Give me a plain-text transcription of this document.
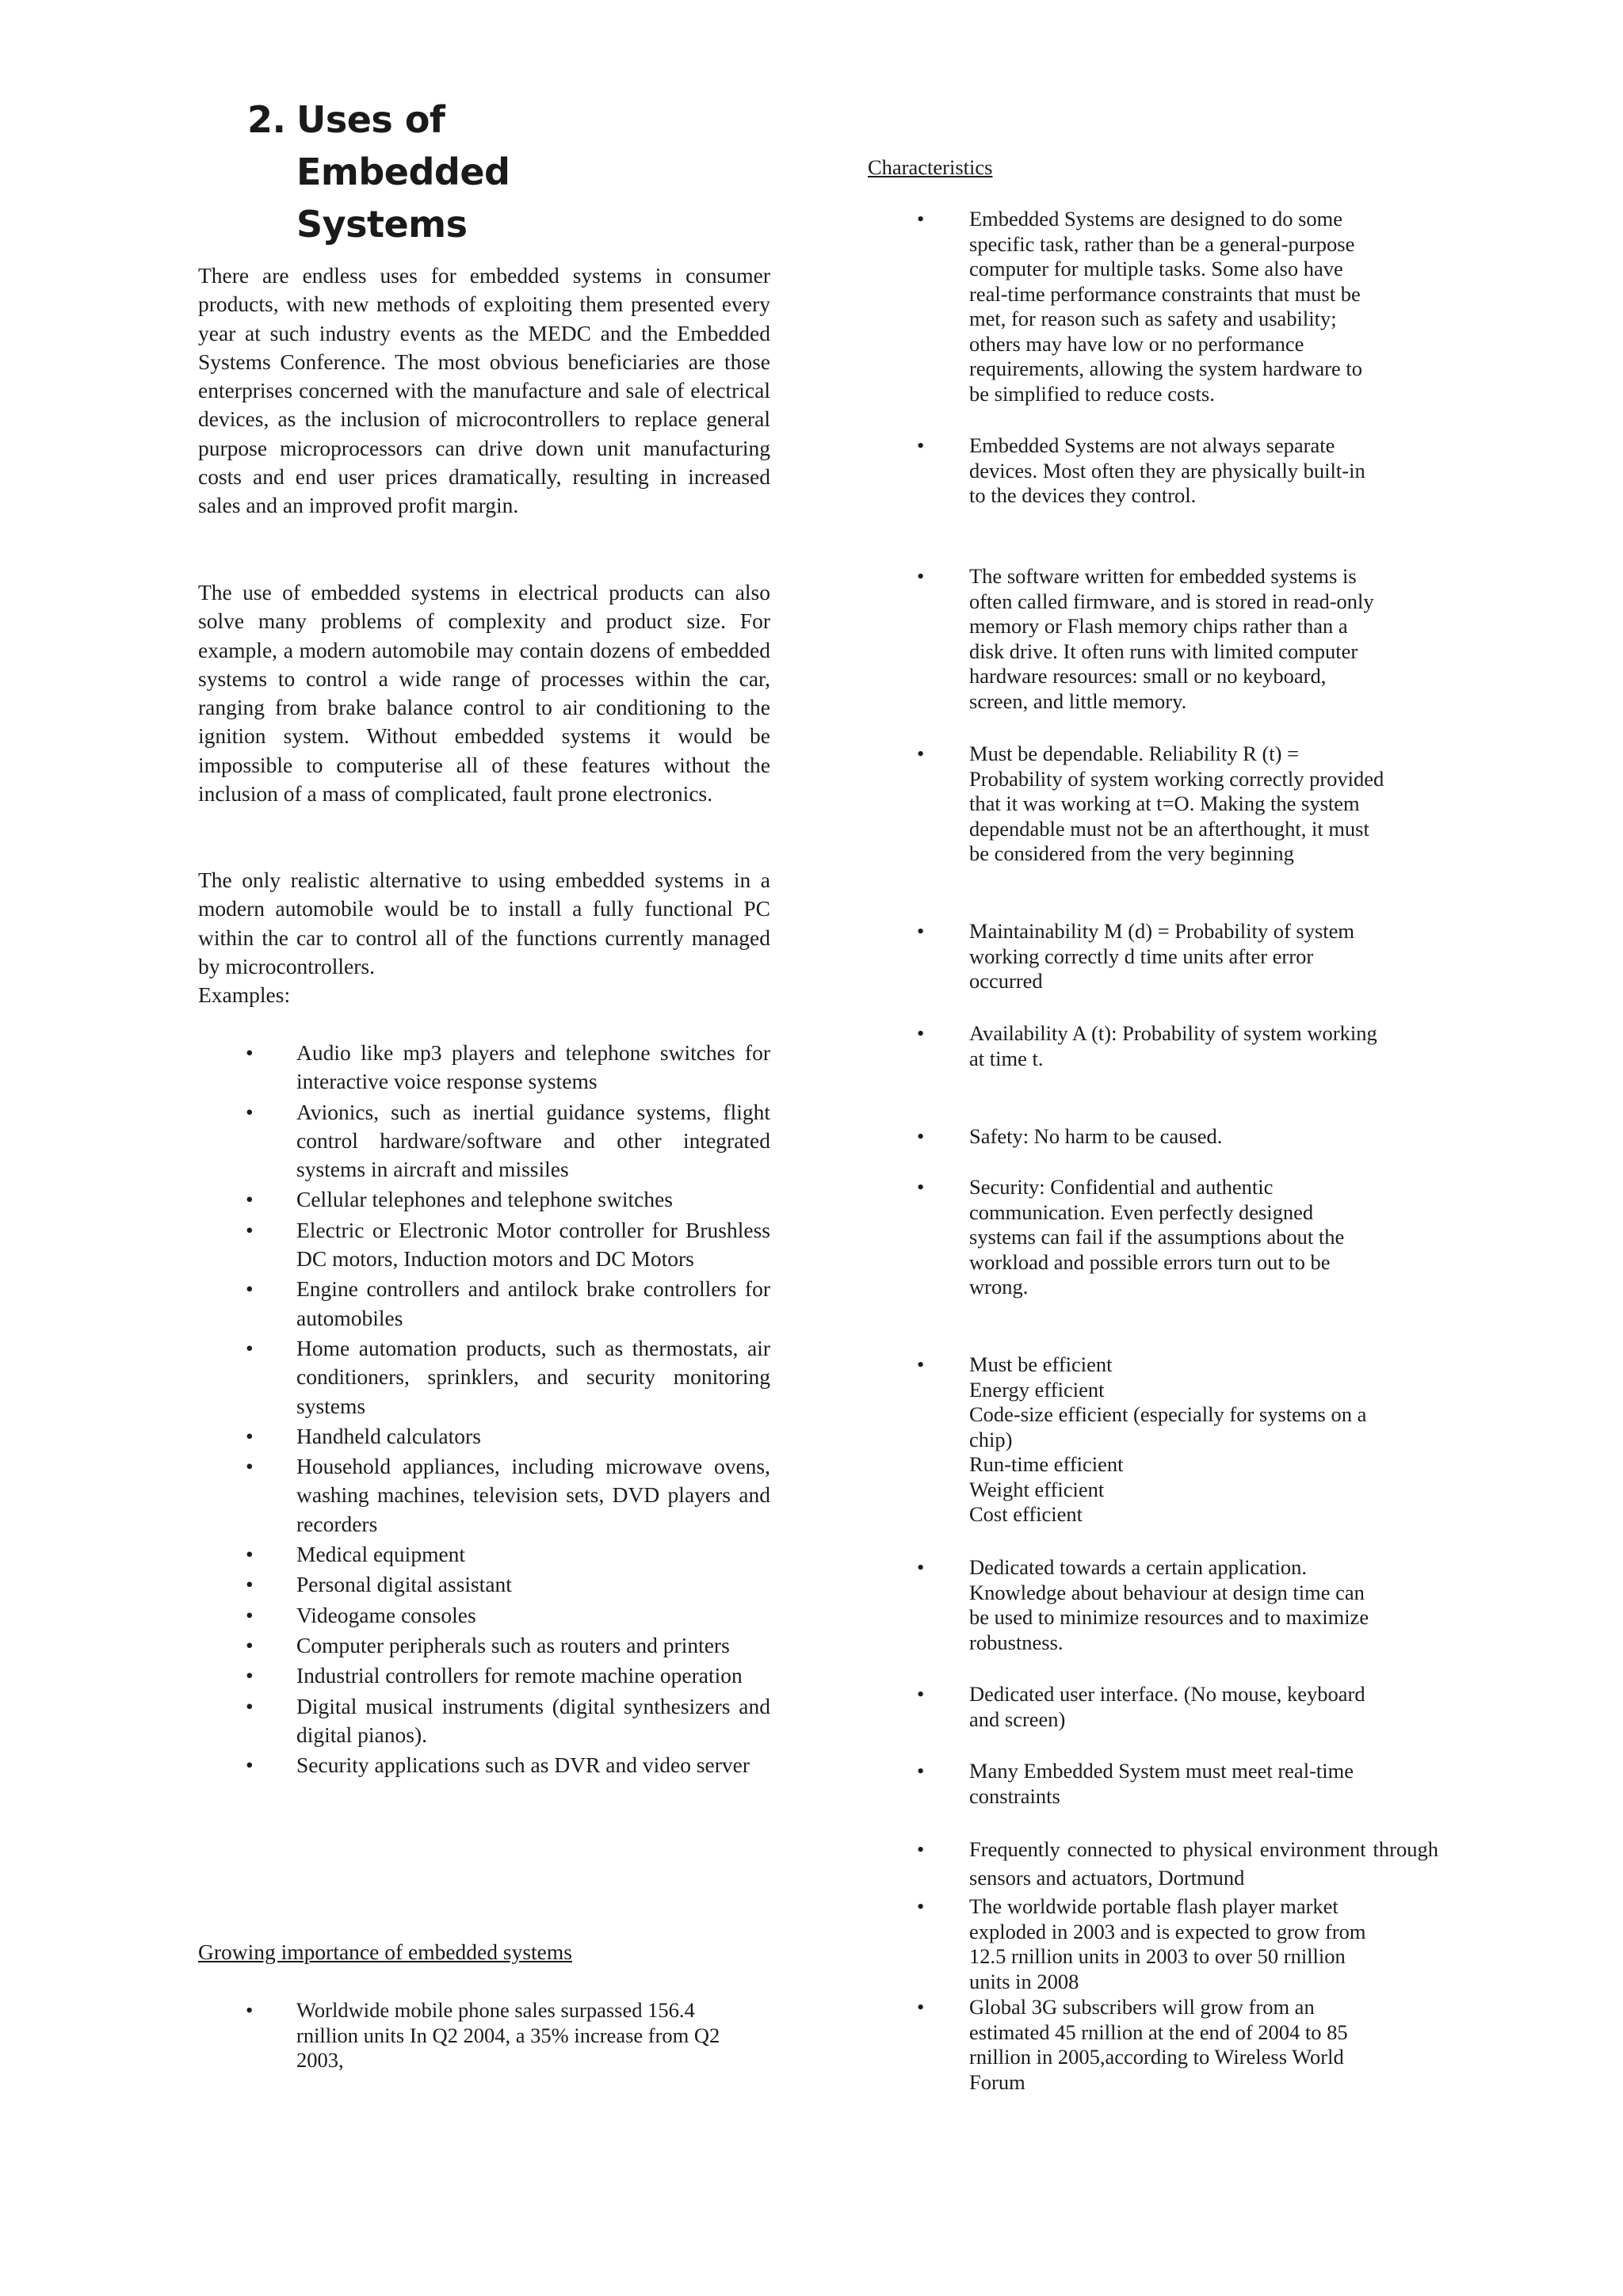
2. Uses of Embedded Systems

There are endless uses for embedded systems in consumer products, with new methods of exploiting them presented every year at such industry events as the MEDC and the Embedded Systems Conference. The most obvious beneficiaries are those enterprises concerned with the manufacture and sale of electrical devices, as the inclusion of microcontrollers to replace general purpose microprocessors can drive down unit manufacturing costs and end user prices dramatically, resulting in increased sales and an improved profit margin.

The use of embedded systems in electrical products can also solve many problems of complexity and product size. For example, a modern automobile may contain dozens of embedded systems to control a wide range of processes within the car, ranging from brake balance control to air conditioning to the ignition system. Without embedded systems it would be impossible to computerise all of these features without the inclusion of a mass of complicated, fault prone electronics.

The only realistic alternative to using embedded systems in a modern automobile would be to install a fully functional PC within the car to control all of the functions currently managed by microcontrollers.

Examples:

• Audio like mp3 players and telephone switches for interactive voice response systems
• Avionics, such as inertial guidance systems, flight control hardware/software and other integrated systems in aircraft and missiles
• Cellular telephones and telephone switches
• Electric or Electronic Motor controller for Brushless DC motors, Induction motors and DC Motors
• Engine controllers and antilock brake controllers for automobiles
• Home automation products, such as thermostats, air conditioners, sprinklers, and security monitoring systems
• Handheld calculators
• Household appliances, including microwave ovens, washing machines, television sets, DVD players and recorders
• Medical equipment
• Personal digital assistant
• Videogame consoles
• Computer peripherals such as routers and printers
• Industrial controllers for remote machine operation
• Digital musical instruments (digital synthesizers and digital pianos).
• Security applications such as DVR and video server

Growing importance of embedded systems

• Worldwide mobile phone sales surpassed 156.4 rnillion units In Q2 2004, a 35% increase from Q2 2003,

Characteristics

• Embedded Systems are designed to do some
specific task, rather than be a general-purpose
computer for multiple tasks. Some also have
real-time performance constraints that must be
met, for reason such as safety and usability;
others may have low or no performance
requirements, allowing the system hardware to
be simplified to reduce costs.
• Embedded Systems are not always separate
devices. Most often they are physically built-in
to the devices they control.
• The software written for embedded systems is
often called firmware, and is stored in read-only
memory or Flash memory chips rather than a
disk drive. It often runs with limited computer
hardware resources: small or no keyboard,
screen, and little memory.
• Must be dependable. Reliability R (t) =
Probability of system working correctly provided
that it was working at t=O. Making the system
dependable must not be an afterthought, it must
be considered from the very beginning
• Maintainability M (d) = Probability of system
working correctly d time units after error
occurred
• Availability A (t): Probability of system working
at time t.
• Safety: No harm to be caused.
• Security: Confidential and authentic
communication. Even perfectly designed
systems can fail if the assumptions about the
workload and possible errors turn out to be
wrong.
• Must be efficient
Energy efficient
Code-size efficient (especially for systems on a
chip)
Run-time efficient
Weight efficient
Cost efficient
• Dedicated towards a certain application.
Knowledge about behaviour at design time can
be used to minimize resources and to maximize
robustness.
• Dedicated user interface. (No mouse, keyboard
and screen)
• Many Embedded System must meet real-time
constraints
• Frequently connected to physical environment through sensors and actuators, Dortmund
• The worldwide portable flash player market
exploded in 2003 and is expected to grow from
12.5 rnillion units in 2003 to over 50 rnillion
units in 2008
• Global 3G subscribers will grow from an
estimated 45 rnillion at the end of 2004 to 85
rnillion in 2005,according to Wireless World
Forum
